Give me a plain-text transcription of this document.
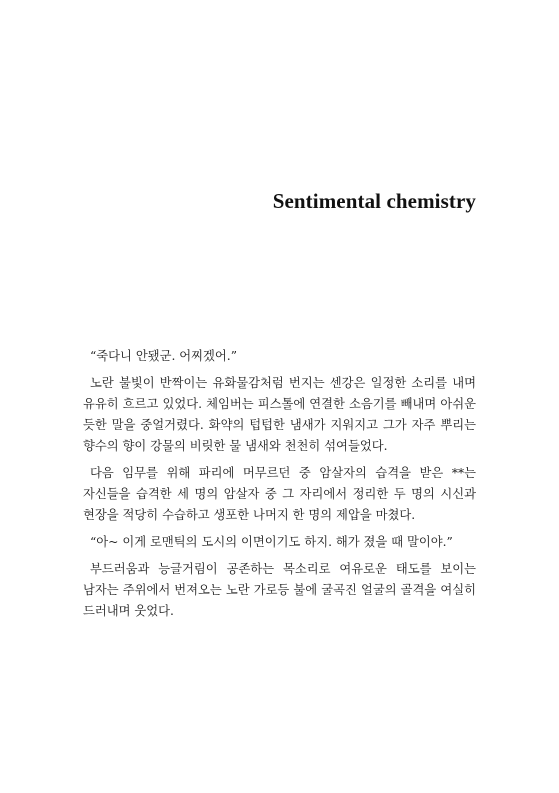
Sentimental chemistry

“죽다니 안됐군. 어찌겠어.”

노란 불빛이 반짝이는 유화물감처럼 번지는 센강은 일정한 소리를 내며 유유히 흐르고 있었다. 체임버는 피스톨에 연결한 소음기를 빼내며 아쉬운 듯한 말을 중얼거렸다. 화약의 텁텁한 냄새가 지워지고 그가 자주 뿌리는 향수의 향이 강물의 비릿한 물 냄새와 천천히 섞여들었다.

다음 임무를 위해 파리에 머무르던 중 암살자의 습격을 받은 **는 자신들을 습격한 세 명의 암살자 중 그 자리에서 정리한 두 명의 시신과 현장을 적당히 수습하고 생포한 나머지 한 명의 제압을 마쳤다.

“아~ 이게 로맨틱의 도시의 이면이기도 하지. 해가 졌을 때 말이야.”

부드러움과 능글거림이 공존하는 목소리로 여유로운 태도를 보이는 남자는 주위에서 번져오는 노란 가로등 불에 굴곡진 얼굴의 골격을 여실히 드러내며 웃었다.
